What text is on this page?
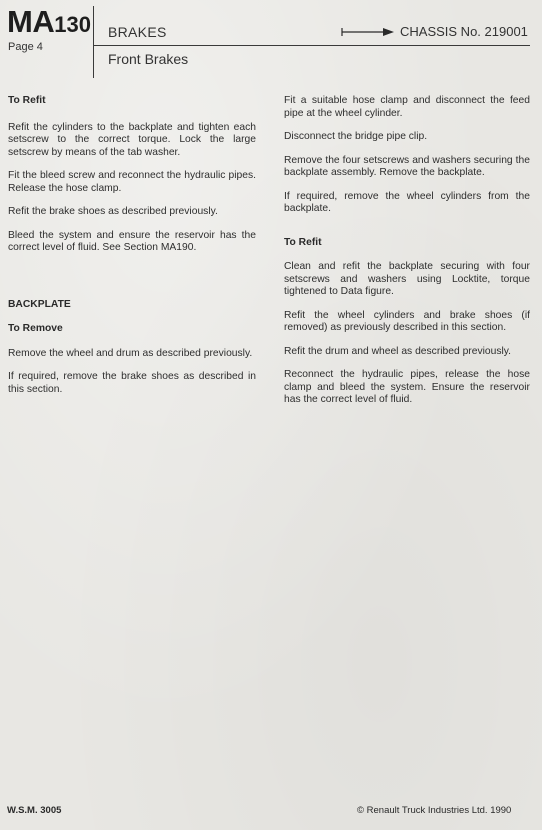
MA130
Page 4
BRAKES
Front Brakes
CHASSIS No. 219001
To Refit

Refit the cylinders to the backplate and tighten each setscrew to the correct torque. Lock the large setscrew by means of the tab washer.

Fit the bleed screw and reconnect the hydraulic pipes. Release the hose clamp.

Refit the brake shoes as described previously.

Bleed the system and ensure the reservoir has the correct level of fluid. See Section MA190.

BACKPLATE
To Remove

Remove the wheel and drum as described previously.

If required, remove the brake shoes as described in this section.

Fit a suitable hose clamp and disconnect the feed pipe at the wheel cylinder.

Disconnect the bridge pipe clip.

Remove the four setscrews and washers securing the backplate assembly. Remove the backplate.

If required, remove the wheel cylinders from the backplate.

To Refit

Clean and refit the backplate securing with four setscrews and washers using Locktite, torque tightened to Data figure.

Refit the wheel cylinders and brake shoes (if removed) as previously described in this section.

Refit the drum and wheel as described previously.

Reconnect the hydraulic pipes, release the hose clamp and bleed the system. Ensure the reservoir has the correct level of fluid.

W.S.M. 3005	© Renault Truck Industries Ltd. 1990
